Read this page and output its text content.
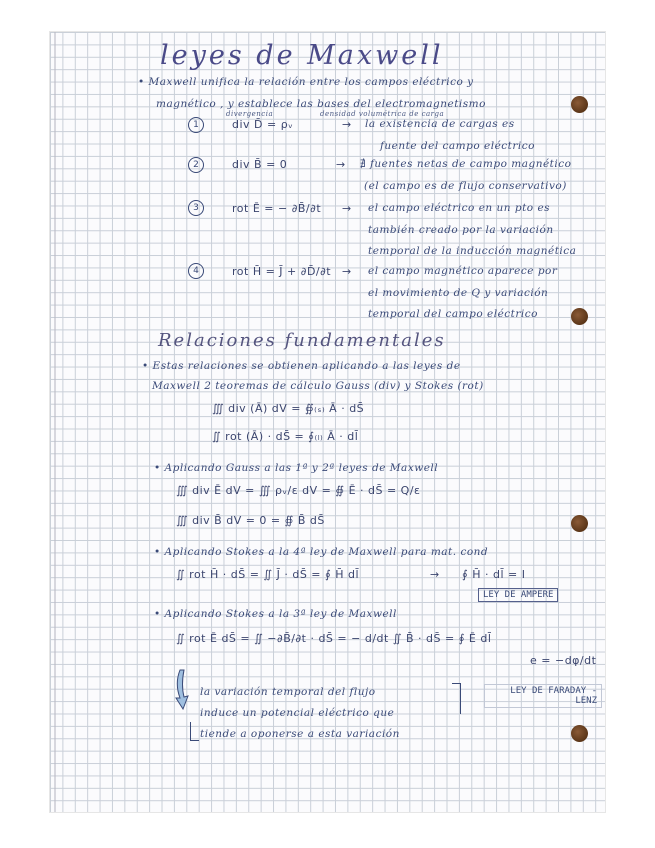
leyes de Maxwell
• Maxwell unifica la relación entre los campos eléctrico y
magnético , y establece las bases del electromagnetismo
divergencia	densidad volumétrica de carga
1	div D̄ = ρᵥ	→ la existencia de cargas es
fuente del campo eléctrico
2	div B̄ = 0	→ ∄ fuentes netas de campo magnético
(el campo es de flujo conservativo)
3	rot Ē = − ∂B̄/∂t → el campo eléctrico en un pto es
también creado por la variación
temporal de la inducción magnética
4	rot H̄ = J̄ + ∂D̄/∂t → el campo magnético aparece por
el movimiento de Q y variación
temporal del campo eléctrico
Relaciones fundamentales
• Estas relaciones se obtienen aplicando a las leyes de
Maxwell 2 teoremas de cálculo Gauss (div) y Stokes (rot)
∭ div (Ā) dV = ∯₍ₛ₎ Ā · dS̄
∬ rot (Ā) · dS̄ = ∮₍ₗ₎ Ā · dl̄
• Aplicando Gauss a las 1ª y 2ª leyes de Maxwell
∭ div Ē dV = ∭ ρᵥ/ε dV = ∯ Ē · dS̄ = Q/ε
∭ div B̄ dV = 0 = ∯ B̄ dS̄
• Aplicando Stokes a la 4ª ley de Maxwell para mat. cond
∬ rot H̄ · dS̄ = ∬ J̄ · dS̄ = ∮ H̄ dl̄	→ ∮ H̄ · dl̄ = I
LEY DE AMPERE
• Aplicando Stokes a la 3ª ley de Maxwell
∬ rot Ē dS̄ = ∬ −∂B̄/∂t · dS̄ = − d/dt ∬ B̄ · dS̄ = ∮ Ē dl̄
e = −dφ/dt
la variación temporal del flujo
induce un potencial eléctrico que
tiende a oponerse a esta variación
LEY DE FARADAY - LENZ
